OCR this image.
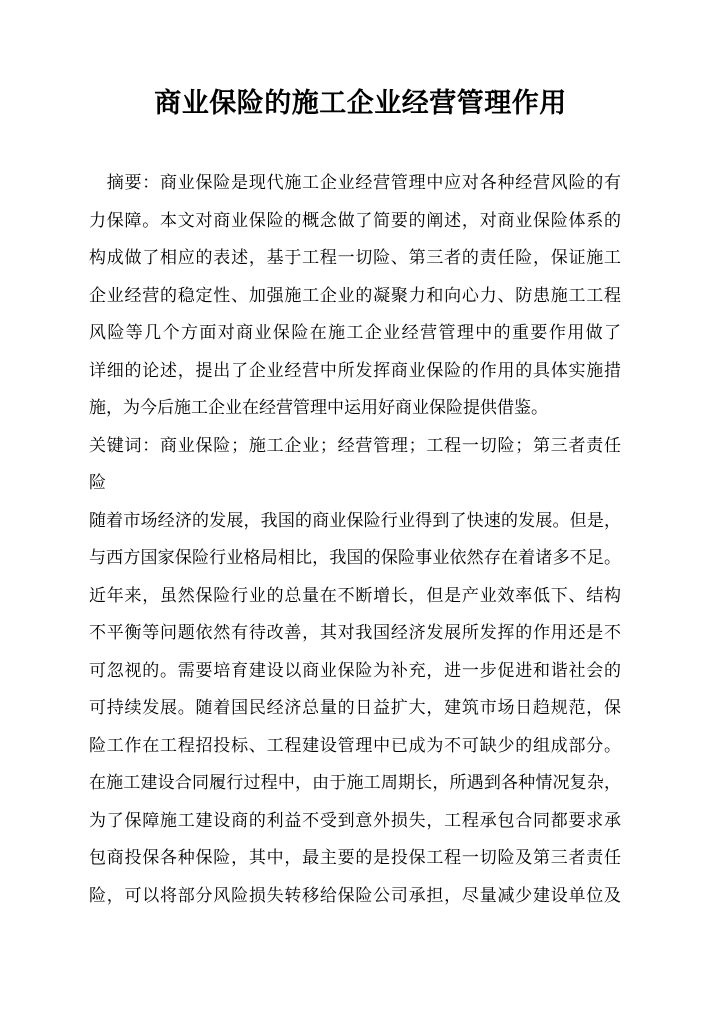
商业保险的施工企业经营管理作用
　摘要：商业保险是现代施工企业经营管理中应对各种经营风险的有
力保障。本文对商业保险的概念做了简要的阐述，对商业保险体系的
构成做了相应的表述，基于工程一切险、第三者的责任险，保证施工
企业经营的稳定性、加强施工企业的凝聚力和向心力、防患施工工程
风险等几个方面对商业保险在施工企业经营管理中的重要作用做了
详细的论述，提出了企业经营中所发挥商业保险的作用的具体实施措
施，为今后施工企业在经营管理中运用好商业保险提供借鉴。
关键词：商业保险；施工企业；经营管理；工程一切险；第三者责任
险
随着市场经济的发展，我国的商业保险行业得到了快速的发展。但是，
与西方国家保险行业格局相比，我国的保险事业依然存在着诸多不足。
近年来，虽然保险行业的总量在不断增长，但是产业效率低下、结构
不平衡等问题依然有待改善，其对我国经济发展所发挥的作用还是不
可忽视的。需要培育建设以商业保险为补充，进一步促进和谐社会的
可持续发展。随着国民经济总量的日益扩大，建筑市场日趋规范，保
险工作在工程招投标、工程建设管理中已成为不可缺少的组成部分。
在施工建设合同履行过程中，由于施工周期长，所遇到各种情况复杂，
为了保障施工建设商的利益不受到意外损失，工程承包合同都要求承
包商投保各种保险，其中，最主要的是投保工程一切险及第三者责任
险，可以将部分风险损失转移给保险公司承担，尽量减少建设单位及
